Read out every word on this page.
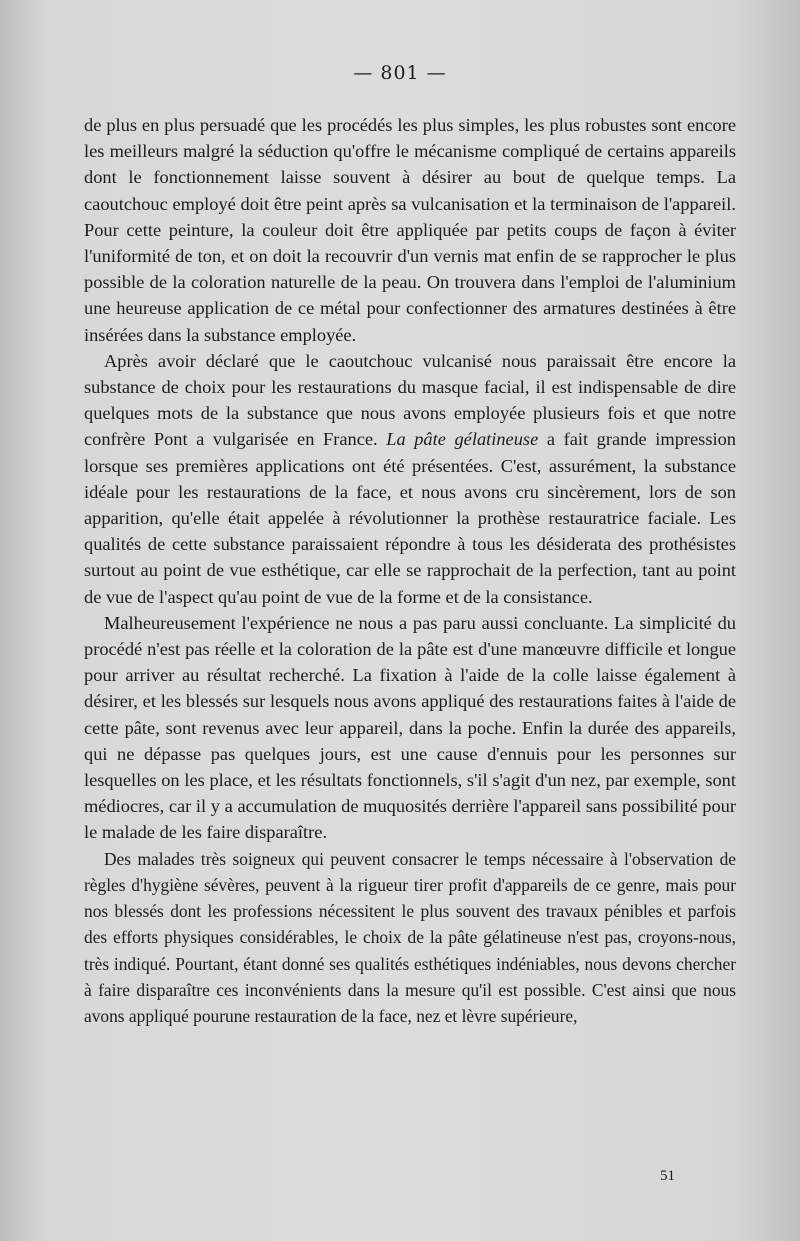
— 801 —

de plus en plus persuadé que les procédés les plus simples, les plus robustes sont encore les meilleurs malgré la séduction qu'offre le mécanisme compliqué de certains appareils dont le fonctionnement laisse souvent à désirer au bout de quelque temps. La caoutchouc employé doit être peint après sa vulcanisation et la terminaison de l'appareil. Pour cette peinture, la couleur doit être appliquée par petits coups de façon à éviter l'uniformité de ton, et on doit la recouvrir d'un vernis mat enfin de se rapprocher le plus possible de la coloration naturelle de la peau. On trouvera dans l'emploi de l'aluminium une heureuse application de ce métal pour confectionner des armatures destinées à être insérées dans la substance employée.

Après avoir déclaré que le caoutchouc vulcanisé nous paraissait être encore la substance de choix pour les restaurations du masque facial, il est indispensable de dire quelques mots de la substance que nous avons employée plusieurs fois et que notre confrère Pont a vulgarisée en France. La pâte gélatineuse a fait grande impression lorsque ses premières applications ont été présentées. C'est, assurément, la substance idéale pour les restaurations de la face, et nous avons cru sincèrement, lors de son apparition, qu'elle était appelée à révolutionner la prothèse restauratrice faciale. Les qualités de cette substance paraissaient répondre à tous les désiderata des prothésistes surtout au point de vue esthétique, car elle se rapprochait de la perfection, tant au point de vue de l'aspect qu'au point de vue de la forme et de la consistance.

Malheureusement l'expérience ne nous a pas paru aussi concluante. La simplicité du procédé n'est pas réelle et la coloration de la pâte est d'une manœuvre difficile et longue pour arriver au résultat recherché. La fixation à l'aide de la colle laisse également à désirer, et les blessés sur lesquels nous avons appliqué des restaurations faites à l'aide de cette pâte, sont revenus avec leur appareil, dans la poche. Enfin la durée des appareils, qui ne dépasse pas quelques jours, est une cause d'ennuis pour les personnes sur lesquelles on les place, et les résultats fonctionnels, s'il s'agit d'un nez, par exemple, sont médiocres, car il y a accumulation de muquosités derrière l'appareil sans possibilité pour le malade de les faire disparaître.

Des malades très soigneux qui peuvent consacrer le temps nécessaire à l'observation de règles d'hygiène sévères, peuvent à la rigueur tirer profit d'appareils de ce genre, mais pour nos blessés dont les professions nécessitent le plus souvent des travaux pénibles et parfois des efforts physiques considérables, le choix de la pâte gélatineuse n'est pas, croyons-nous, très indiqué. Pourtant, étant donné ses qualités esthétiques indéniables, nous devons chercher à faire disparaître ces inconvénients dans la mesure qu'il est possible. C'est ainsi que nous avons appliqué pourune restauration de la face, nez et lèvre supérieure,

51
